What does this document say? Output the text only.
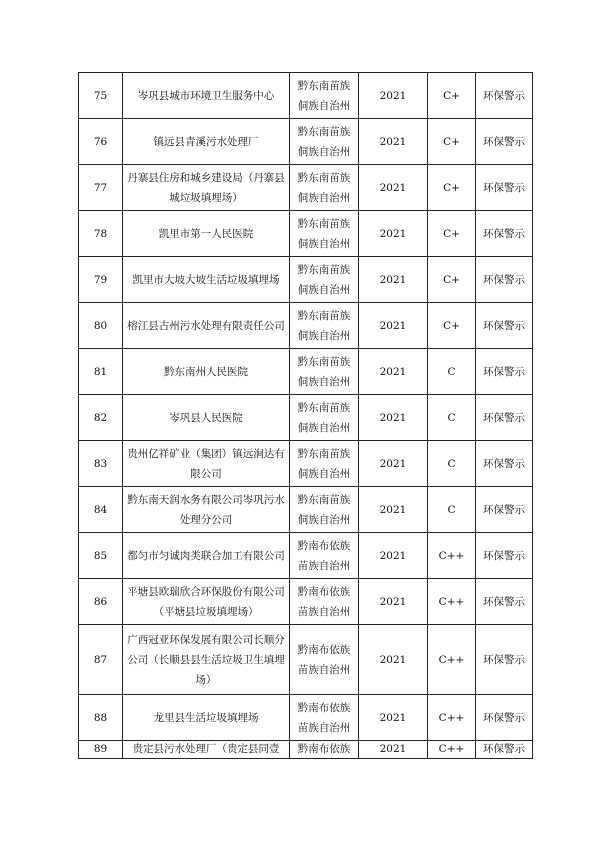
75	岑巩县城市环境卫生服务中心	黔东南苗族侗族自治州	2021	C+	环保警示
76	镇远县青溪污水处理厂	黔东南苗族侗族自治州	2021	C+	环保警示
77	丹寨县住房和城乡建设局（丹寨县城垃圾填埋场）	黔东南苗族侗族自治州	2021	C+	环保警示
78	凯里市第一人民医院	黔东南苗族侗族自治州	2021	C+	环保警示
79	凯里市大坡大坡生活垃圾填埋场	黔东南苗族侗族自治州	2021	C+	环保警示
80	榕江县古州污水处理有限责任公司	黔东南苗族侗族自治州	2021	C+	环保警示
81	黔东南州人民医院	黔东南苗族侗族自治州	2021	C	环保警示
82	岑巩县人民医院	黔东南苗族侗族自治州	2021	C	环保警示
83	贵州亿祥矿业（集团）镇远涧达有限公司	黔东南苗族侗族自治州	2021	C	环保警示
84	黔东南天润水务有限公司岑巩污水处理分公司	黔东南苗族侗族自治州	2021	C	环保警示
85	都匀市匀诚肉类联合加工有限公司	黔南布依族苗族自治州	2021	C++	环保警示
86	平塘县欧瑞欣合环保股份有限公司（平塘县垃圾填埋场）	黔南布依族苗族自治州	2021	C++	环保警示
87	广西冠亚环保发展有限公司长顺分公司（长顺县县生活垃圾卫生填埋场）	黔南布依族苗族自治州	2021	C++	环保警示
88	龙里县生活垃圾填埋场	黔南布依族苗族自治州	2021	C++	环保警示
89	贵定县污水处理厂（贵定县同壹	黔南布依族	2021	C++	环保警示
